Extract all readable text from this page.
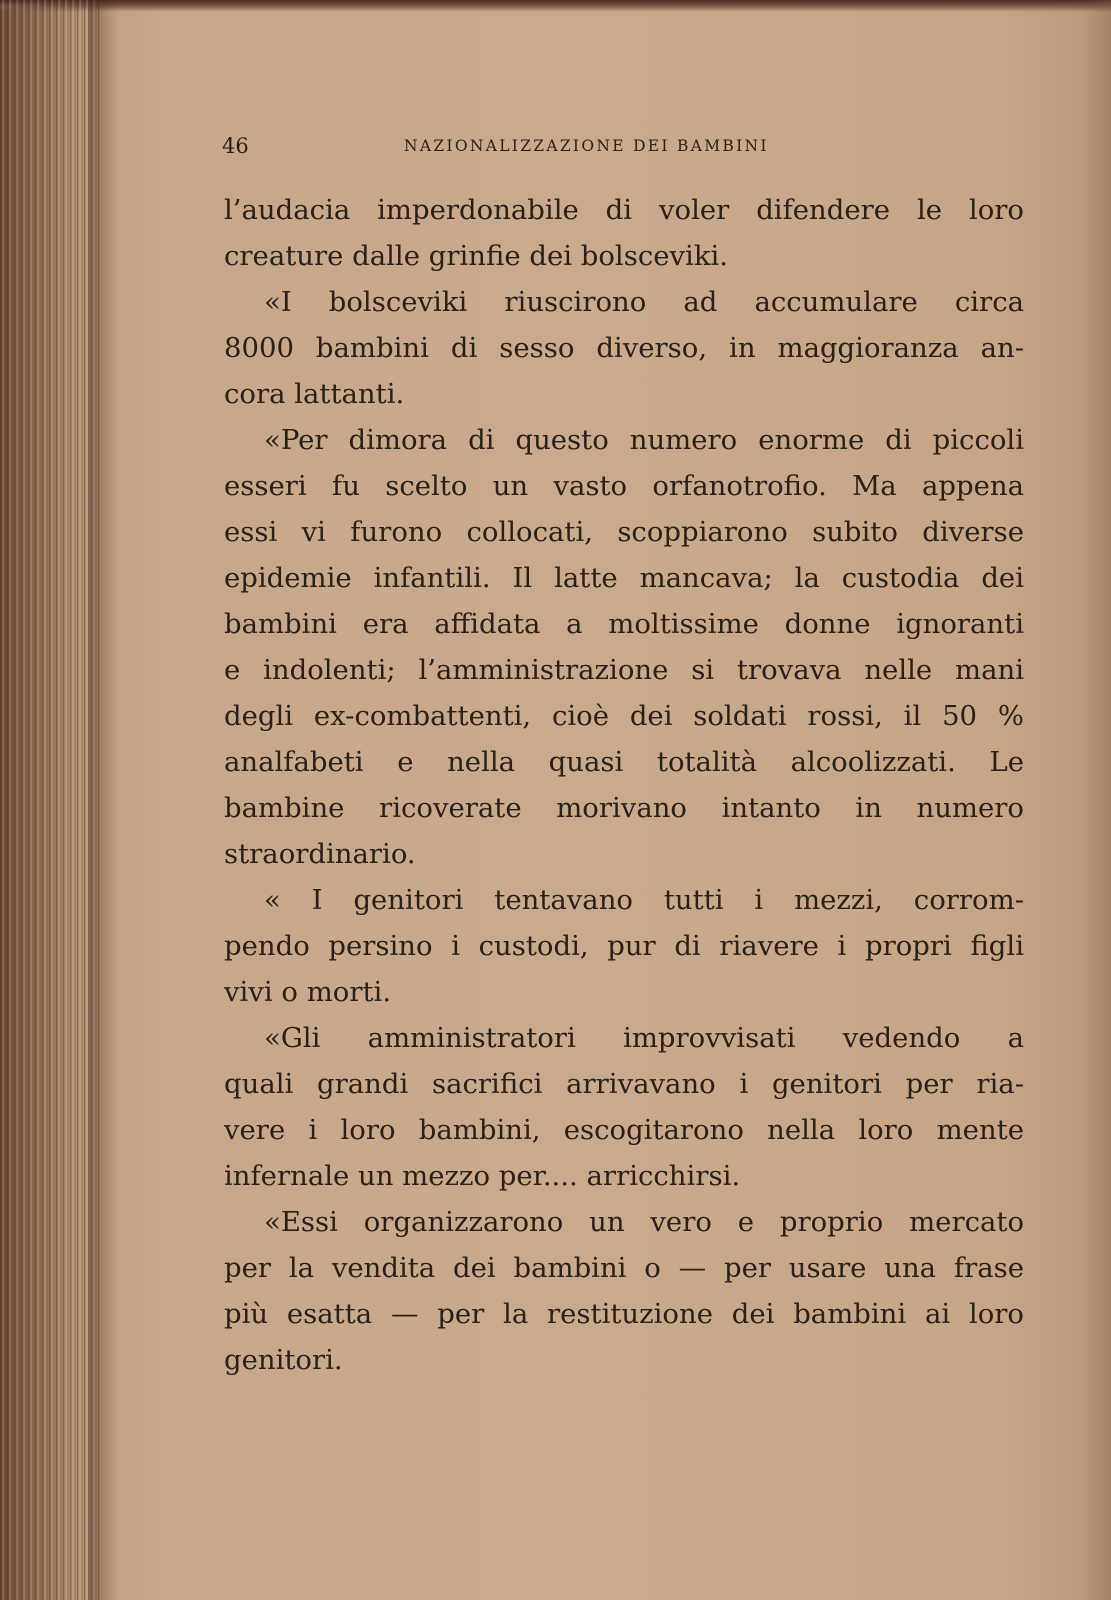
46	NAZIONALIZZAZIONE DEI BAMBINI
l’audacia imperdonabile di voler difendere le loro
creature dalle grinfie dei bolsceviki.
«I bolsceviki riuscirono ad accumulare circa
8000 bambini di sesso diverso, in maggioranza an-
cora lattanti.
«Per dimora di questo numero enorme di piccoli
esseri fu scelto un vasto orfanotrofio. Ma appena
essi vi furono collocati, scoppiarono subito diverse
epidemie infantili. Il latte mancava; la custodia dei
bambini era affidata a moltissime donne ignoranti
e indolenti; l’amministrazione si trovava nelle mani
degli ex-combattenti, cioè dei soldati rossi, il 50 %
analfabeti e nella quasi totalità alcoolizzati. Le
bambine ricoverate morivano intanto in numero
straordinario.
« I genitori tentavano tutti i mezzi, corrom-
pendo persino i custodi, pur di riavere i propri figli
vivi o morti.
«Gli amministratori improvvisati vedendo a
quali grandi sacrifici arrivavano i genitori per ria-
vere i loro bambini, escogitarono nella loro mente
infernale un mezzo per.... arricchirsi.
«Essi organizzarono un vero e proprio mercato
per la vendita dei bambini o — per usare una frase
più esatta — per la restituzione dei bambini ai loro
genitori.
